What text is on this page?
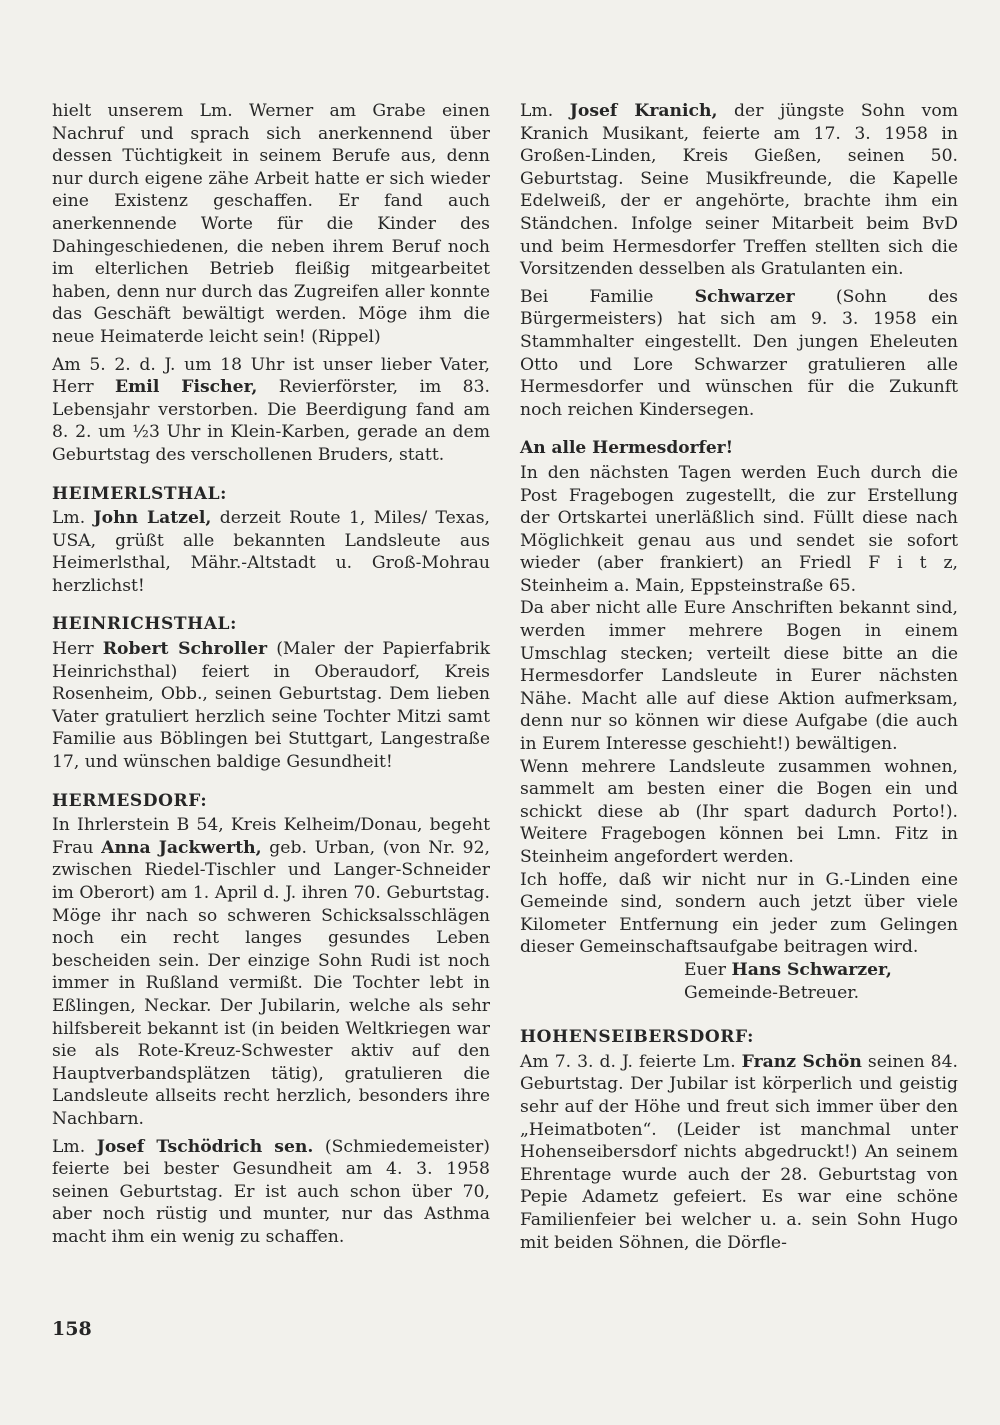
hielt unserem Lm. Werner am Grabe einen Nachruf und sprach sich anerkennend über dessen Tüchtigkeit in seinem Berufe aus, denn nur durch eigene zähe Arbeit hatte er sich wieder eine Existenz geschaffen. Er fand auch anerkennende Worte für die Kinder des Dahingeschiedenen, die neben ihrem Beruf noch im elterlichen Betrieb fleißig mitgearbeitet haben, denn nur durch das Zugreifen aller konnte das Geschäft bewältigt werden. Möge ihm die neue Heimaterde leicht sein! (Rippel)

Am 5. 2. d. J. um 18 Uhr ist unser lieber Vater, Herr Emil Fischer, Revierförster, im 83. Lebensjahr verstorben. Die Beerdigung fand am 8. 2. um ½3 Uhr in Klein-Karben, gerade an dem Geburtstag des verschollenen Bruders, statt.

HEIMERLSTHAL:

Lm. John Latzel, derzeit Route 1, Miles/ Texas, USA, grüßt alle bekannten Landsleute aus Heimerlsthal, Mähr.-Altstadt u. Groß-Mohrau herzlichst!

HEINRICHSTHAL:

Herr Robert Schroller (Maler der Papierfabrik Heinrichsthal) feiert in Oberaudorf, Kreis Rosenheim, Obb., seinen Geburtstag. Dem lieben Vater gratuliert herzlich seine Tochter Mitzi samt Familie aus Böblingen bei Stuttgart, Langestraße 17, und wünschen baldige Gesundheit!

HERMESDORF:

In Ihrlerstein B 54, Kreis Kelheim/Donau, begeht Frau Anna Jackwerth, geb. Urban, (von Nr. 92, zwischen Riedel-Tischler und Langer-Schneider im Oberort) am 1. April d. J. ihren 70. Geburtstag. Möge ihr nach so schweren Schicksalsschlägen noch ein recht langes gesundes Leben bescheiden sein. Der einzige Sohn Rudi ist noch immer in Rußland vermißt. Die Tochter lebt in Eßlingen, Neckar. Der Jubilarin, welche als sehr hilfsbereit bekannt ist (in beiden Weltkriegen war sie als Rote-Kreuz-Schwester aktiv auf den Hauptverbandsplätzen tätig), gratulieren die Landsleute allseits recht herzlich, besonders ihre Nachbarn.

Lm. Josef Tschödrich sen. (Schmiedemeister) feierte bei bester Gesundheit am 4. 3. 1958 seinen Geburtstag. Er ist auch schon über 70, aber noch rüstig und munter, nur das Asthma macht ihm ein wenig zu schaffen.

Lm. Josef Kranich, der jüngste Sohn vom Kranich Musikant, feierte am 17. 3. 1958 in Großen-Linden, Kreis Gießen, seinen 50. Geburtstag. Seine Musikfreunde, die Kapelle Edelweiß, der er angehörte, brachte ihm ein Ständchen. Infolge seiner Mitarbeit beim BvD und beim Hermesdorfer Treffen stellten sich die Vorsitzenden desselben als Gratulanten ein.

Bei Familie Schwarzer (Sohn des Bürgermeisters) hat sich am 9. 3. 1958 ein Stammhalter eingestellt. Den jungen Eheleuten Otto und Lore Schwarzer gratulieren alle Hermesdorfer und wünschen für die Zukunft noch reichen Kindersegen.

An alle Hermesdorfer!

In den nächsten Tagen werden Euch durch die Post Fragebogen zugestellt, die zur Erstellung der Ortskartei unerläßlich sind. Füllt diese nach Möglichkeit genau aus und sendet sie sofort wieder (aber frankiert) an Friedl F i t z, Steinheim a. Main, Eppsteinstraße 65.

Da aber nicht alle Eure Anschriften bekannt sind, werden immer mehrere Bogen in einem Umschlag stecken; verteilt diese bitte an die Hermesdorfer Landsleute in Eurer nächsten Nähe. Macht alle auf diese Aktion aufmerksam, denn nur so können wir diese Aufgabe (die auch in Eurem Interesse geschieht!) bewältigen.

Wenn mehrere Landsleute zusammen wohnen, sammelt am besten einer die Bogen ein und schickt diese ab (Ihr spart dadurch Porto!). Weitere Fragebogen können bei Lmn. Fitz in Steinheim angefordert werden.

Ich hoffe, daß wir nicht nur in G.-Linden eine Gemeinde sind, sondern auch jetzt über viele Kilometer Entfernung ein jeder zum Gelingen dieser Gemeinschaftsaufgabe beitragen wird.

Euer Hans Schwarzer,
Gemeinde-Betreuer.
HOHENSEIBERSDORF:

Am 7. 3. d. J. feierte Lm. Franz Schön seinen 84. Geburtstag. Der Jubilar ist körperlich und geistig sehr auf der Höhe und freut sich immer über den „Heimatboten“. (Leider ist manchmal unter Hohenseibersdorf nichts abgedruckt!) An seinem Ehrentage wurde auch der 28. Geburtstag von Pepie Adametz gefeiert. Es war eine schöne Familienfeier bei welcher u. a. sein Sohn Hugo mit beiden Söhnen, die Dörfle-

158
